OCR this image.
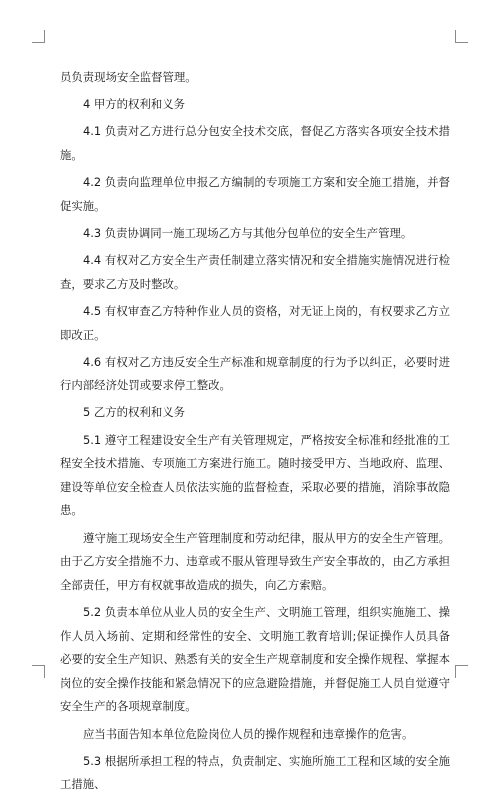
员负责现场安全监督管理。

4 甲方的权利和义务

4.1 负责对乙方进行总分包安全技术交底，督促乙方落实各项安全技术措施。

4.2 负责向监理单位申报乙方编制的专项施工方案和安全施工措施，并督促实施。

4.3 负责协调同一施工现场乙方与其他分包单位的安全生产管理。

4.4 有权对乙方安全生产责任制建立落实情况和安全措施实施情况进行检查，要求乙方及时整改。

4.5 有权审查乙方特种作业人员的资格，对无证上岗的，有权要求乙方立即改正。

4.6 有权对乙方违反安全生产标准和规章制度的行为予以纠正，必要时进行内部经济处罚或要求停工整改。

5 乙方的权利和义务

5.1 遵守工程建设安全生产有关管理规定，严格按安全标准和经批准的工程安全技术措施、专项施工方案进行施工。随时接受甲方、当地政府、监理、建设等单位安全检查人员依法实施的监督检查，采取必要的措施，消除事故隐患。

遵守施工现场安全生产管理制度和劳动纪律，服从甲方的安全生产管理。由于乙方安全措施不力、违章或不服从管理导致生产安全事故的，由乙方承担全部责任，甲方有权就事故造成的损失，向乙方索赔。

5.2 负责本单位从业人员的安全生产、文明施工管理，组织实施施工、操作人员入场前、定期和经常性的安全、文明施工教育培训;保证操作人员具备必要的安全生产知识、熟悉有关的安全生产规章制度和安全操作规程、掌握本岗位的安全操作技能和紧急情况下的应急避险措施，并督促施工人员自觉遵守安全生产的各项规章制度。

应当书面告知本单位危险岗位人员的操作规程和违章操作的危害。

5.3 根据所承担工程的特点，负责制定、实施所施工工程和区域的安全施工措施、
